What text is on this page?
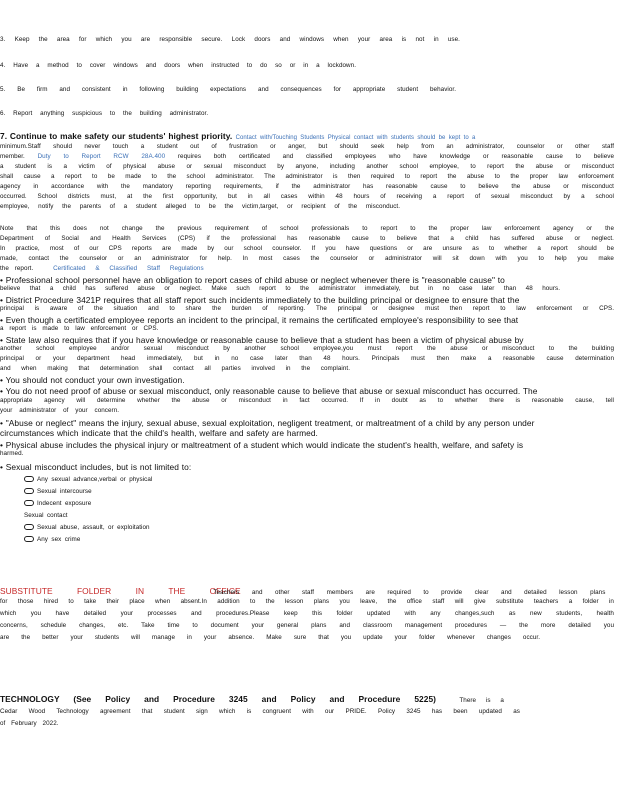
3. Keep the area for which you are responsible secure. Lock doors and windows when your area is not in use.
4. Have a method to cover windows and doors when instructed to do so or in a lockdown.
5. Be firm and consistent in following building expectations and consequences for appropriate student behavior.
6. Report anything suspicious to the building administrator.
7. Continue to make safety our students' highest priority. Contact with/Touching Students Physical contact with students should be kept to a
minimum.Staff should never touch a student out of frustration or anger, but should seek help from an administrator, counselor or other staff
member. Duty to Report RCW 28A.400 requires both certificated and classified employees who have knowledge or reasonable cause to believe
a student is a victim of physical abuse or sexual misconduct by anyone, including another school employee, to report the abuse or misconduct
shall cause a report to be made to the school administrator. The administrator is then required to report the abuse to the proper law enforcement
agency in accordance with the mandatory reporting requirements, if the administrator has reasonable cause to believe the abuse or misconduct
occurred. School districts must, at the first opportunity, but in all cases within 48 hours of receiving a report of sexual misconduct by a school
employee, notify the parents of a student alleged to be the victim,target, or recipient of the misconduct.
Note that this does not change the previous requirement of school professionals to report to the proper law enforcement agency or the
Department of Social and Health Services (CPS) if the professional has reasonable cause to believe that a child has suffered abuse or neglect.
In practice, most of our CPS reports are made by our school counselor. If you have questions or are unsure as to whether a report should be
made, contact the counselor or an administrator for help. In most cases the counselor or administrator will sit down with you to help you make
the report.	Certificated & Classified Staff Regulations
• Professional school personnel have an obligation to report cases of child abuse or neglect whenever there is "reasonable cause" to
believe that a child has suffered abuse or neglect. Make such report to the administrator immediately, but in no case later than 48 hours.
• District Procedure 3421P requires that all staff report such incidents immediately to the building principal or designee to ensure that the
principal is aware of the situation and to share the burden of reporting. The principal or designee must then report to law enforcement or CPS.
• Even though a certificated employee reports an incident to the principal, it remains the certificated employee's responsibility to see that
a report is made to law enforcement or CPS.
• State law also requires that if you have knowledge or reasonable cause to believe that a student has been a victim of physical abuse by
another school employee and/or sexual misconduct by another school employee,you must report the abuse or misconduct to the building
principal or your department head immediately, but in no case later than 48 hours. Principals must then make a reasonable cause determination
and when making that determination shall contact all parties involved in the complaint.
• You should not conduct your own investigation.
• You do not need proof of abuse or sexual misconduct, only reasonable cause to believe that abuse or sexual misconduct has occurred. The
appropriate agency will determine whether the abuse or misconduct in fact occurred. If in doubt as to whether there is reasonable cause, tell
your administrator of your concern.
• "Abuse or neglect" means the injury, sexual abuse, sexual exploitation, negligent treatment, or maltreatment of a child by any person under
circumstances which indicate that the child's health, welfare and safety are harmed.
• Physical abuse includes the physical injury or maltreatment of a student which would indicate the student's health, welfare, and safety is
harmed.
• Sexual misconduct includes, but is not limited to:
Any sexual advance,verbal or physical
Sexual intercourse
Indecent exposure
Sexual contact
Sexual abuse, assault, or exploitation
Any sex crime
SUBSTITUTE FOLDER IN THE OFFICE Teachers and other staff members are required to provide clear and detailed lesson plans
for those hired to take their place when absent.In addition to the lesson plans you leave, the office staff will give substitute teachers a folder in
which you have detailed your processes and procedures.Please keep this folder updated with any changes,such as new students, health
concerns, schedule changes, etc. Take time to document your general plans and classroom management procedures — the more detailed you
are the better your students will manage in your absence. Make sure that you update your folder whenever changes occur.
TECHNOLOGY (See Policy and Procedure 3245 and Policy and Procedure 5225)	There is a
Cedar Wood Technology agreement that student sign which is congruent with our PRIDE. Policy 3245 has been updated as
of February 2022.
